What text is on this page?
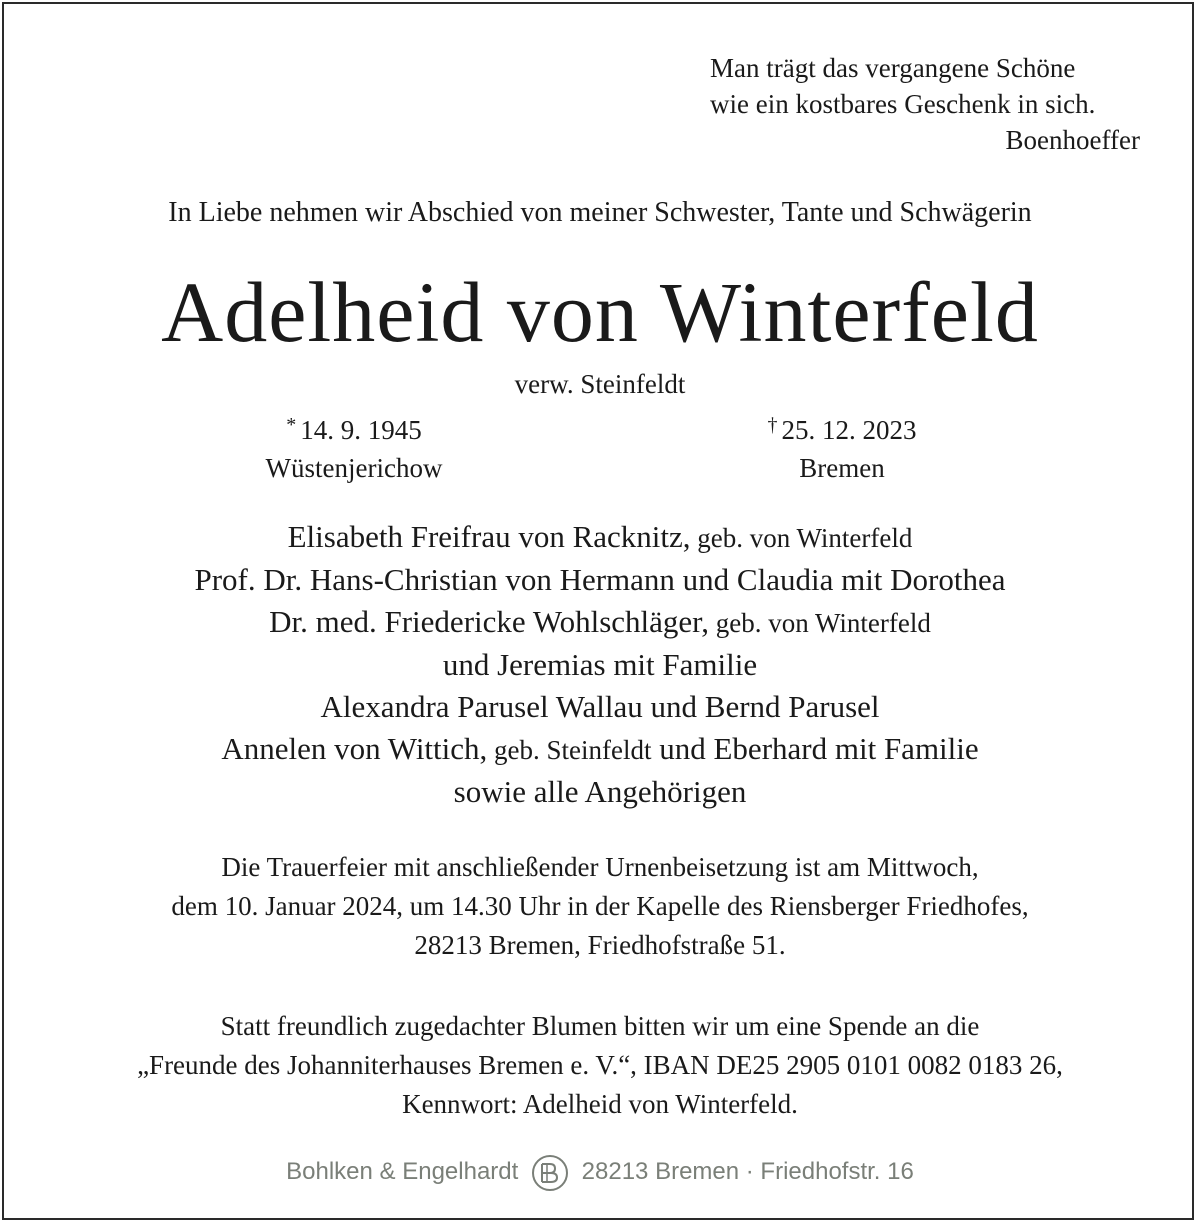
Man trägt das vergangene Schöne
wie ein kostbares Geschenk in sich.
Boenhoeffer
In Liebe nehmen wir Abschied von meiner Schwester, Tante und Schwägerin
Adelheid von Winterfeld
verw. Steinfeldt
* 14. 9. 1945
Wüstenjerichow
† 25. 12. 2023
Bremen
Elisabeth Freifrau von Racknitz, geb. von Winterfeld
Prof. Dr. Hans-Christian von Hermann und Claudia mit Dorothea
Dr. med. Friedericke Wohlschläger, geb. von Winterfeld
und Jeremias mit Familie
Alexandra Parusel Wallau und Bernd Parusel
Annelen von Wittich, geb. Steinfeldt und Eberhard mit Familie
sowie alle Angehörigen
Die Trauerfeier mit anschließender Urnenbeisetzung ist am Mittwoch,
dem 10. Januar 2024, um 14.30 Uhr in der Kapelle des Riensberger Friedhofes,
28213 Bremen, Friedhofstraße 51.
Statt freundlich zugedachter Blumen bitten wir um eine Spende an die
„Freunde des Johanniterhauses Bremen e. V.“, IBAN DE25 2905 0101 0082 0183 26,
Kennwort: Adelheid von Winterfeld.
Bohlken & Engelhardt	28213 Bremen · Friedhofstr. 16
